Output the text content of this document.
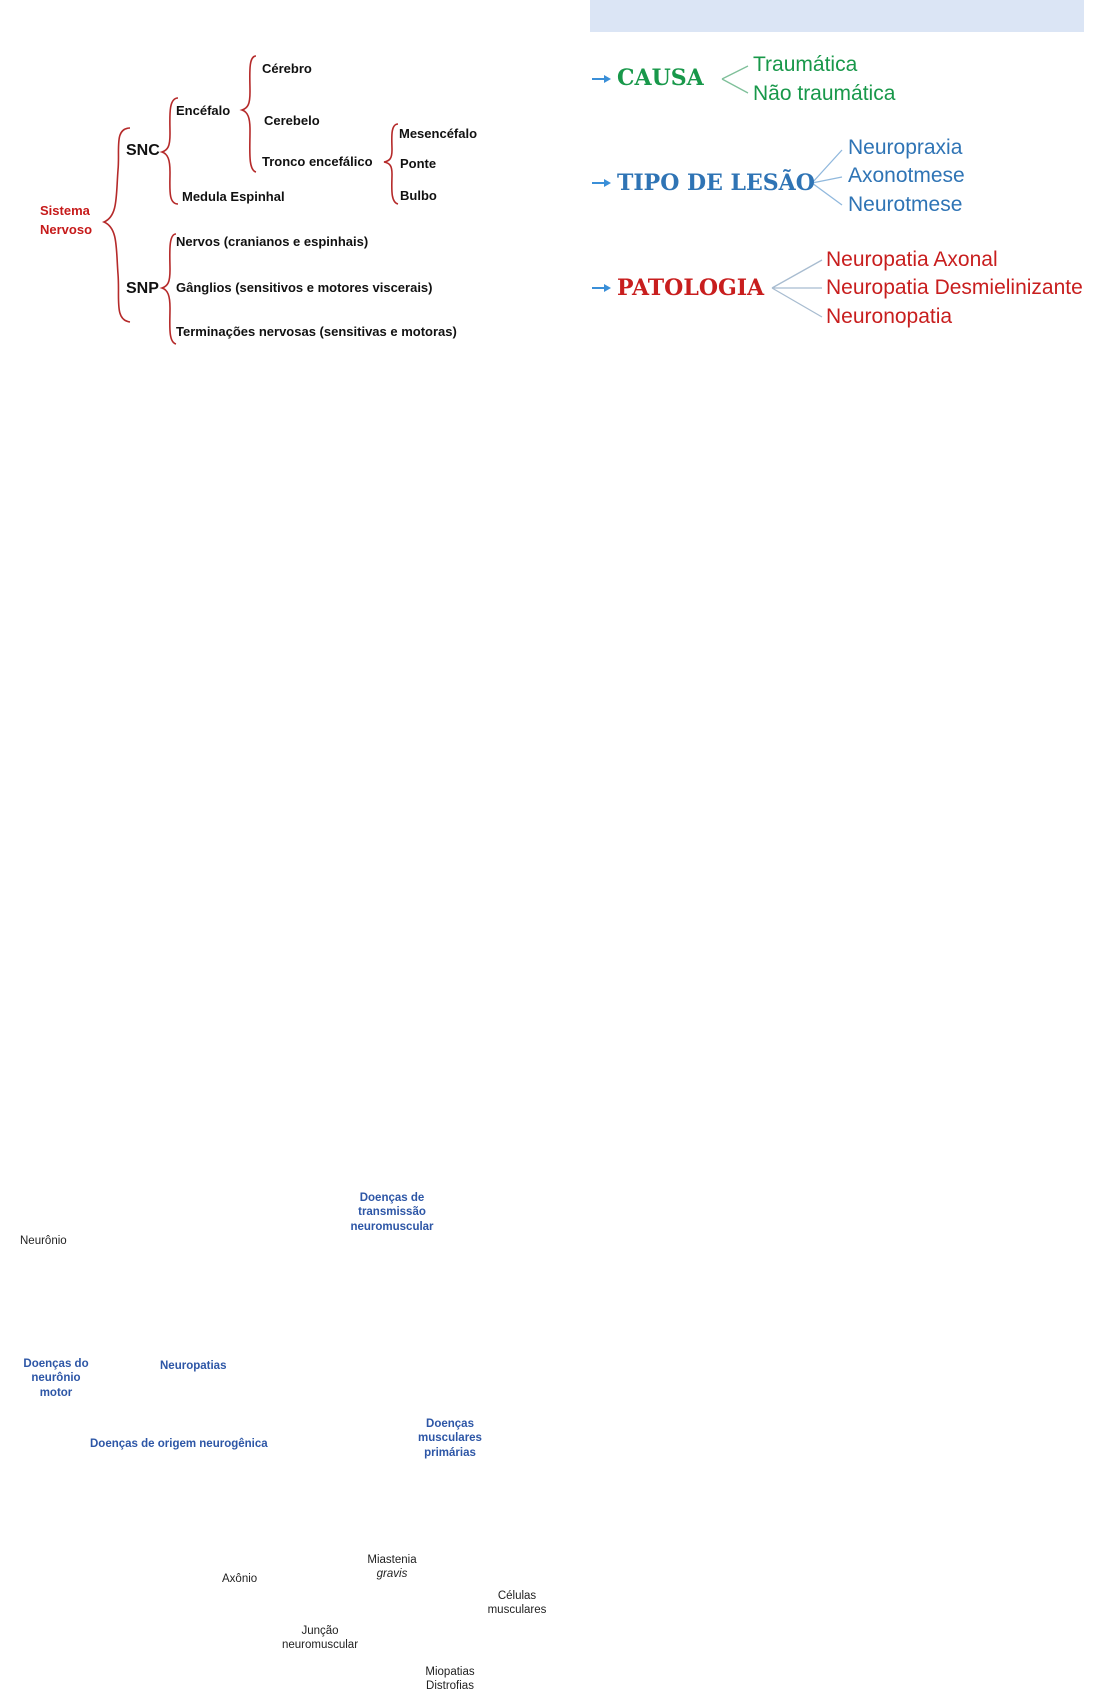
Sistema
Nervoso
SNC
SNP
Encéfalo
Cérebro
Cerebelo
Tronco encefálico
Medula Espinhal
Mesencéfalo
Ponte
Bulbo
Nervos (cranianos e espinhais)
Gânglios (sensitivos e motores viscerais)
Terminações nervosas (sensitivas e motoras)
CAUSA
Traumática
Não traumática
TIPO DE LESÃO
Neuropraxia
Axonotmese
Neurotmese
PATOLOGIA
Neuropatia Axonal
Neuropatia Desmielinizante
Neuronopatia
Neurônio
Axônio
Doenças de
transmissão
neuromuscular
Miastenia
gravis
Células
musculares
Junção
neuromuscular
Miopatias
Distrofias
Doenças do
neurônio
motor
Neuropatias
Doenças
musculares
primárias
Doenças de origem neurogênica
